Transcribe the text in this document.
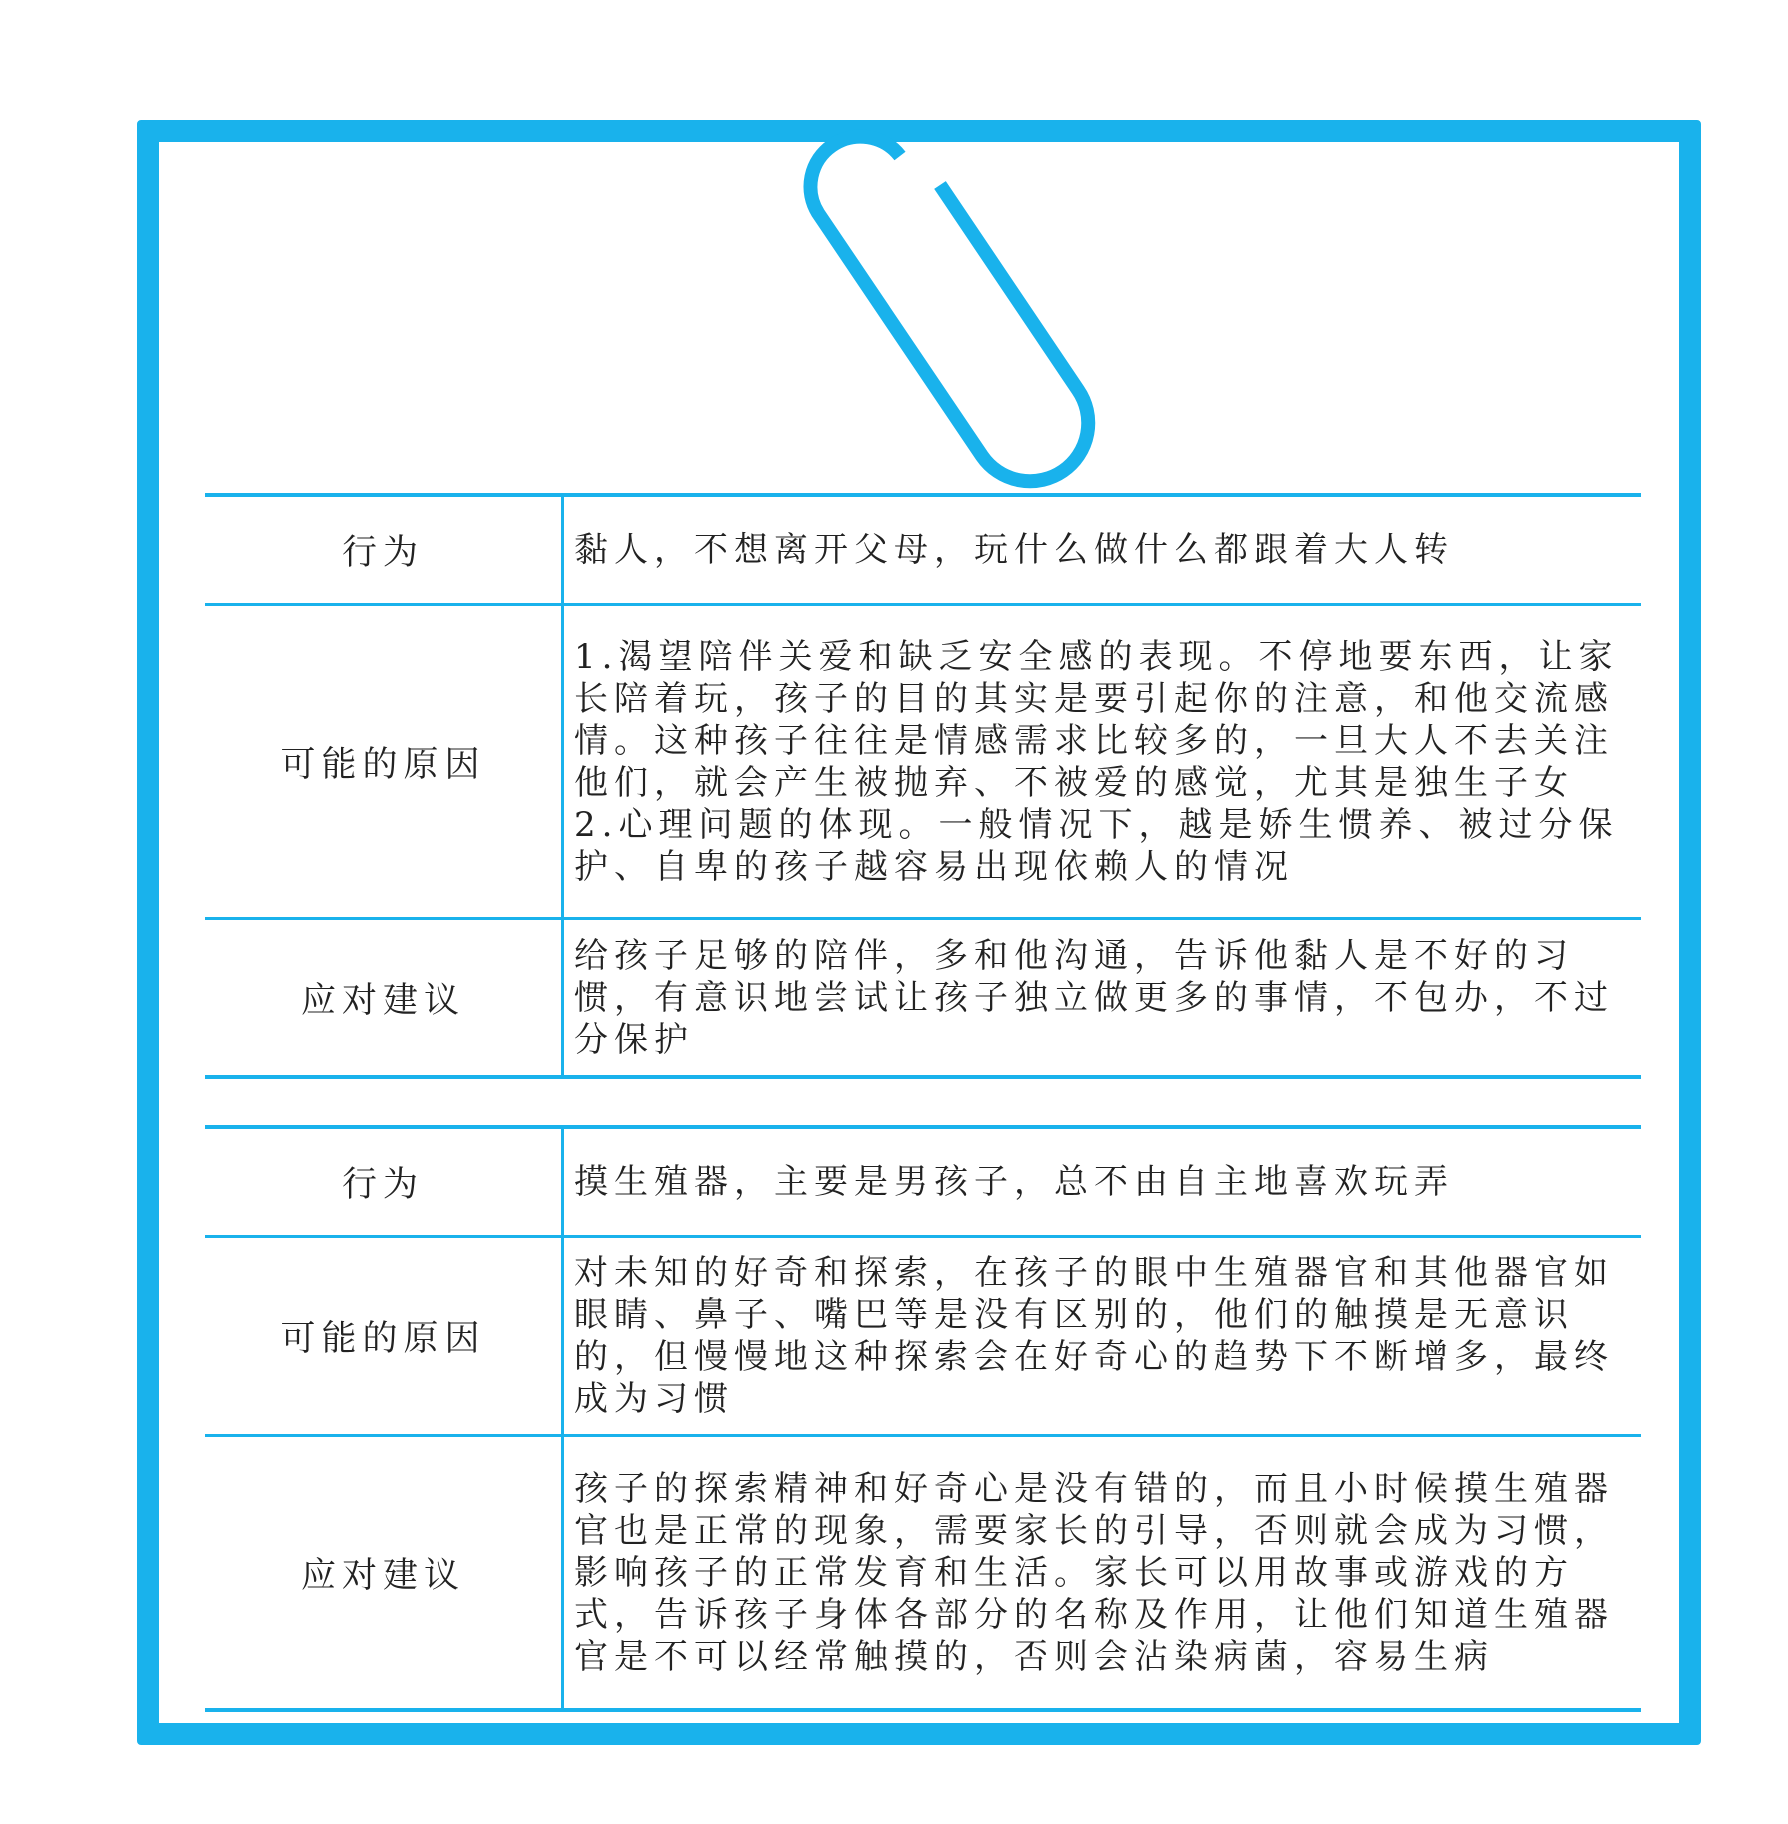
行为	黏人，不想离开父母，玩什么做什么都跟着大人转
可能的原因	1.渴望陪伴关爱和缺乏安全感的表现。不停地要东西，让家长陪着玩，孩子的目的其实是要引起你的注意，和他交流感情。这种孩子往往是情感需求比较多的，一旦大人不去关注他们，就会产生被抛弃、不被爱的感觉，尤其是独生子女
2.心理问题的体现。一般情况下，越是娇生惯养、被过分保护、自卑的孩子越容易出现依赖人的情况
应对建议	给孩子足够的陪伴，多和他沟通，告诉他黏人是不好的习惯，有意识地尝试让孩子独立做更多的事情，不包办，不过分保护
行为	摸生殖器，主要是男孩子，总不由自主地喜欢玩弄
可能的原因	对未知的好奇和探索，在孩子的眼中生殖器官和其他器官如眼睛、鼻子、嘴巴等是没有区别的，他们的触摸是无意识的，但慢慢地这种探索会在好奇心的趋势下不断增多，最终成为习惯
应对建议	孩子的探索精神和好奇心是没有错的，而且小时候摸生殖器官也是正常的现象，需要家长的引导，否则就会成为习惯，影响孩子的正常发育和生活。家长可以用故事或游戏的方式，告诉孩子身体各部分的名称及作用，让他们知道生殖器官是不可以经常触摸的，否则会沾染病菌，容易生病
